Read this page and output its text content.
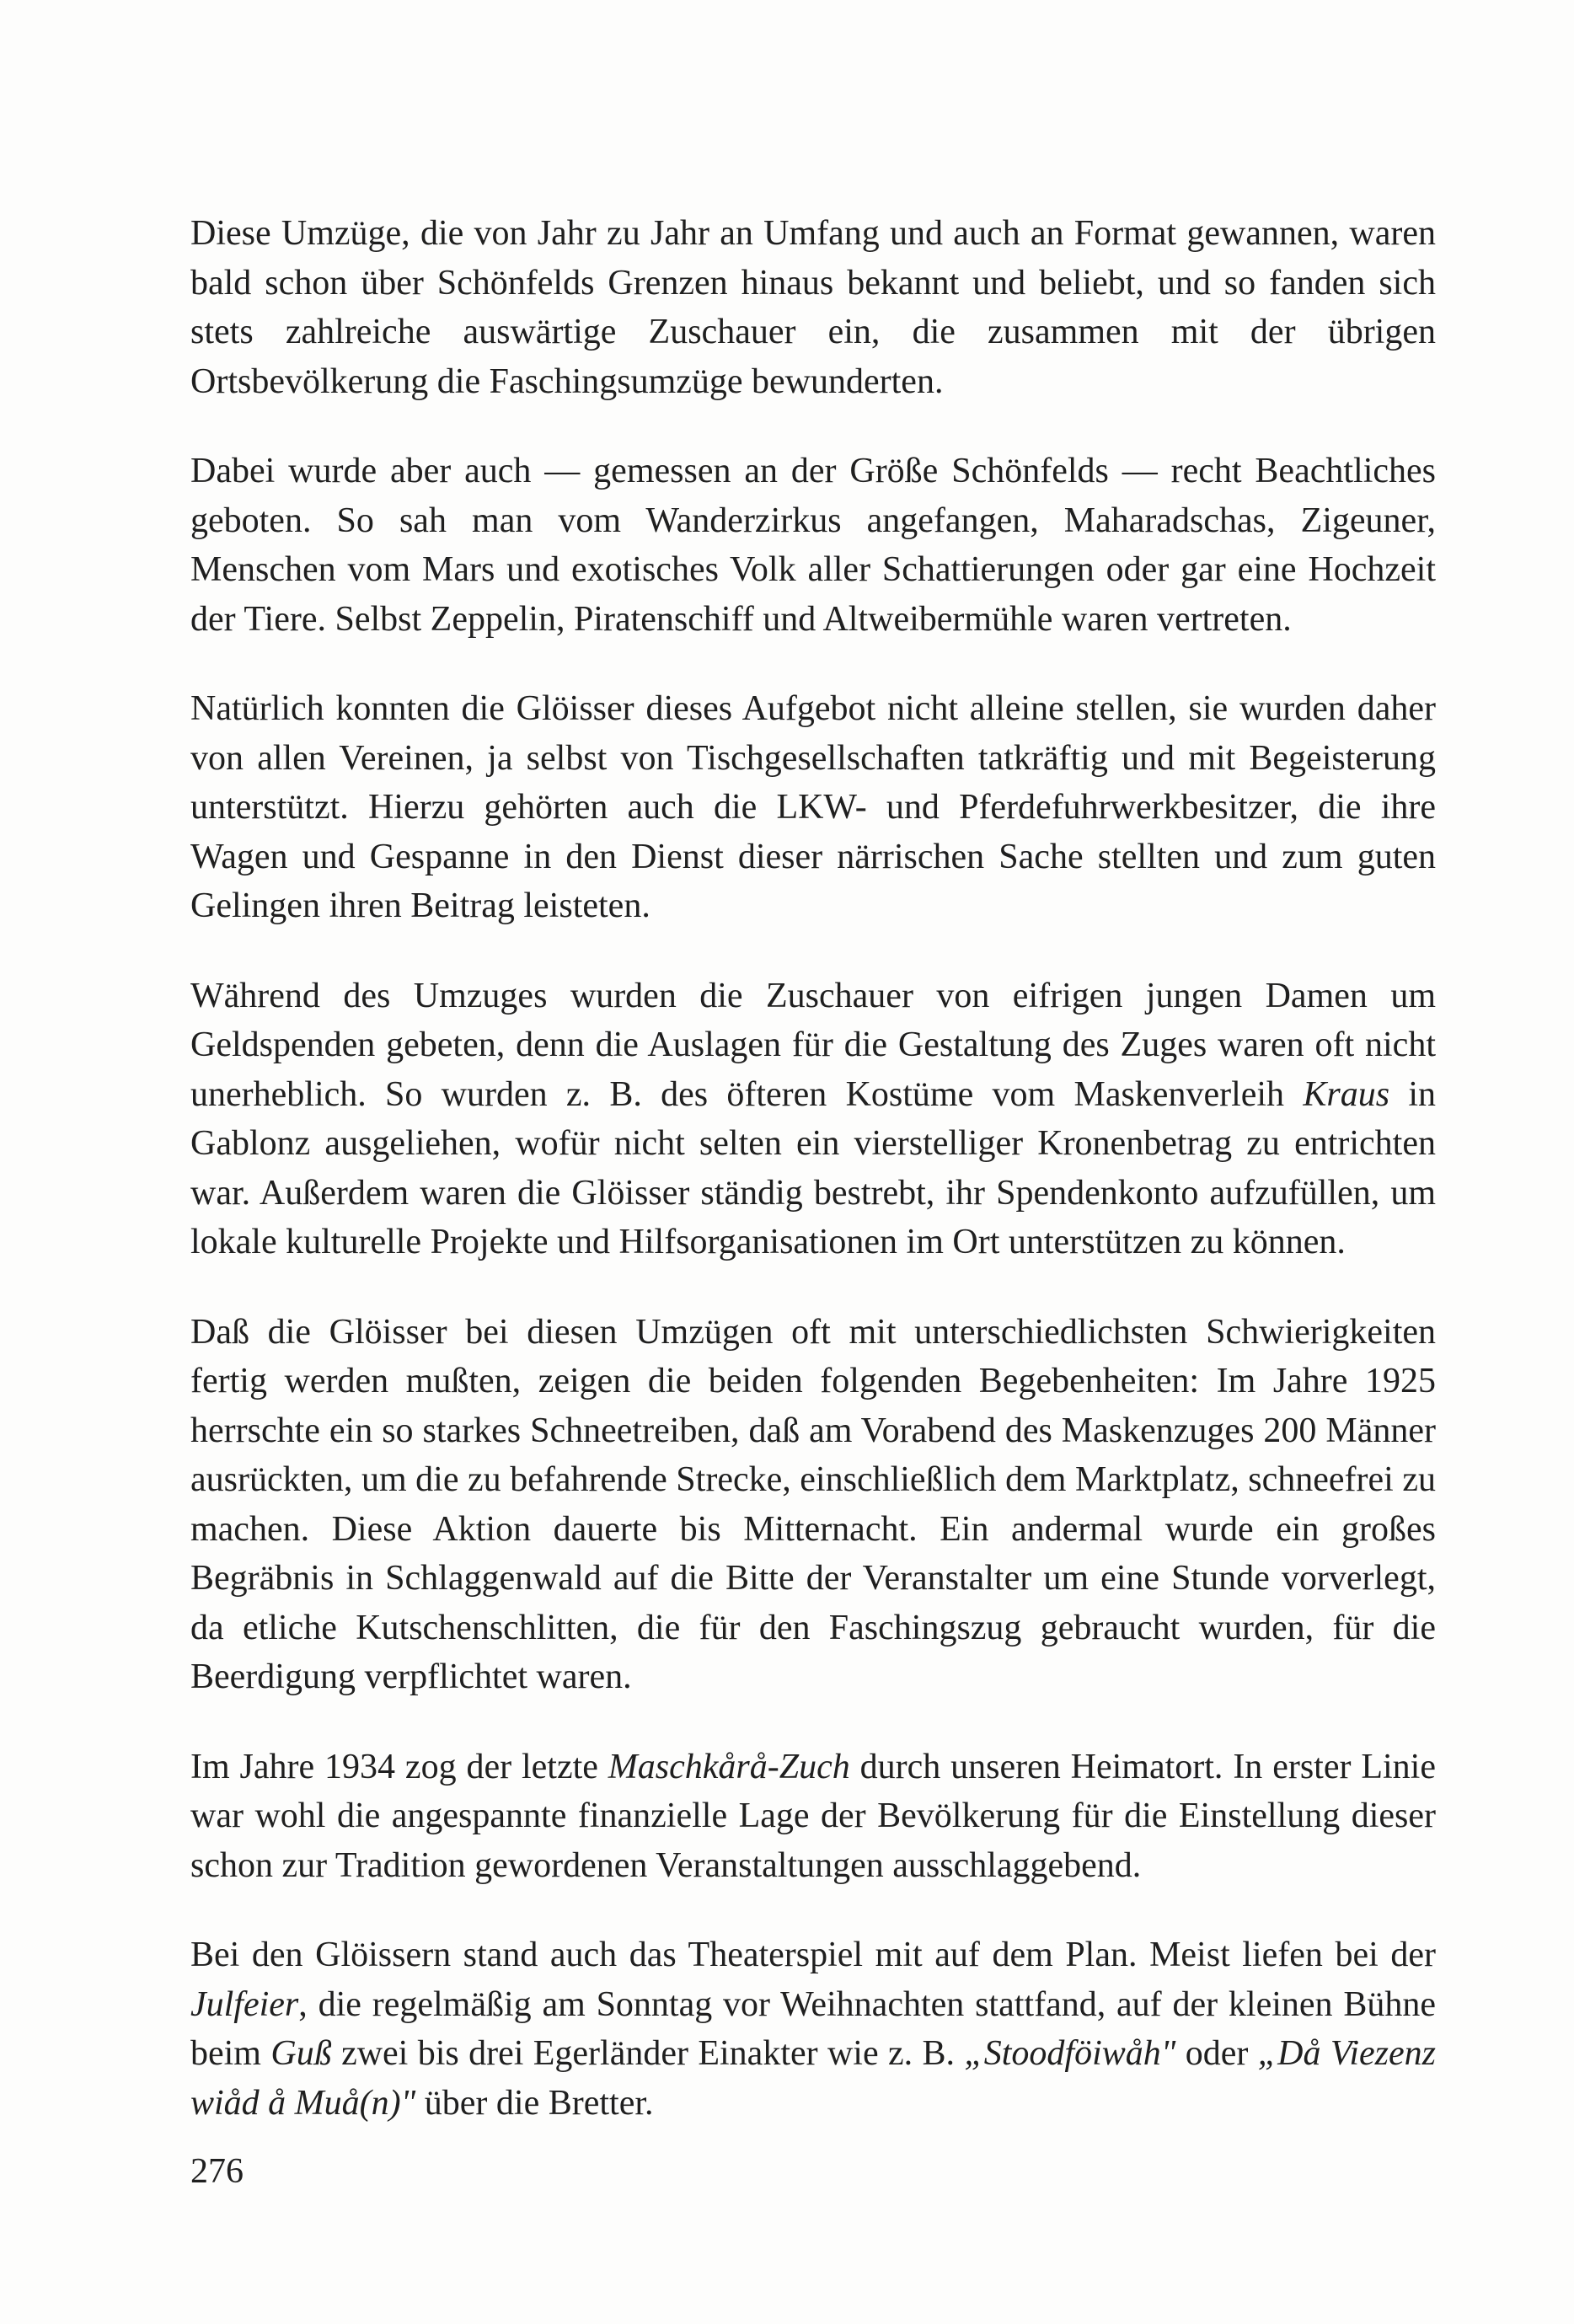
Diese Umzüge, die von Jahr zu Jahr an Umfang und auch an Format gewannen, waren bald schon über Schönfelds Grenzen hinaus bekannt und beliebt, und so fanden sich stets zahlreiche auswärtige Zuschauer ein, die zusammen mit der übrigen Ortsbevölkerung die Faschingsumzüge bewunderten.

Dabei wurde aber auch — gemessen an der Größe Schönfelds — recht Beachtliches geboten. So sah man vom Wanderzirkus angefangen, Maharadschas, Zigeuner, Menschen vom Mars und exotisches Volk aller Schattierungen oder gar eine Hochzeit der Tiere. Selbst Zeppelin, Piratenschiff und Altweibermühle waren vertreten.

Natürlich konnten die Glöisser dieses Aufgebot nicht alleine stellen, sie wurden daher von allen Vereinen, ja selbst von Tischgesellschaften tatkräftig und mit Begeisterung unterstützt. Hierzu gehörten auch die LKW- und Pferdefuhrwerkbesitzer, die ihre Wagen und Gespanne in den Dienst dieser närrischen Sache stellten und zum guten Gelingen ihren Beitrag leisteten.

Während des Umzuges wurden die Zuschauer von eifrigen jungen Damen um Geldspenden gebeten, denn die Auslagen für die Gestaltung des Zuges waren oft nicht unerheblich. So wurden z. B. des öfteren Kostüme vom Maskenverleih Kraus in Gablonz ausgeliehen, wofür nicht selten ein vierstelliger Kronenbetrag zu entrichten war. Außerdem waren die Glöisser ständig bestrebt, ihr Spendenkonto aufzufüllen, um lokale kulturelle Projekte und Hilfsorganisationen im Ort unterstützen zu können.

Daß die Glöisser bei diesen Umzügen oft mit unterschiedlichsten Schwierigkeiten fertig werden mußten, zeigen die beiden folgenden Begebenheiten: Im Jahre 1925 herrschte ein so starkes Schneetreiben, daß am Vorabend des Maskenzuges 200 Männer ausrückten, um die zu befahrende Strecke, einschließlich dem Marktplatz, schneefrei zu machen. Diese Aktion dauerte bis Mitternacht. Ein andermal wurde ein großes Begräbnis in Schlaggenwald auf die Bitte der Veranstalter um eine Stunde vorverlegt, da etliche Kutschenschlitten, die für den Faschingszug gebraucht wurden, für die Beerdigung verpflichtet waren.

Im Jahre 1934 zog der letzte Maschkårå-Zuch durch unseren Heimatort. In erster Linie war wohl die angespannte finanzielle Lage der Bevölkerung für die Einstellung dieser schon zur Tradition gewordenen Veranstaltungen ausschlaggebend.

Bei den Glöissern stand auch das Theaterspiel mit auf dem Plan. Meist liefen bei der Julfeier, die regelmäßig am Sonntag vor Weihnachten stattfand, auf der kleinen Bühne beim Guß zwei bis drei Egerländer Einakter wie z. B. „Stoodföiwåh" oder „Då Viezenz wiåd å Muå(n)" über die Bretter.

276
